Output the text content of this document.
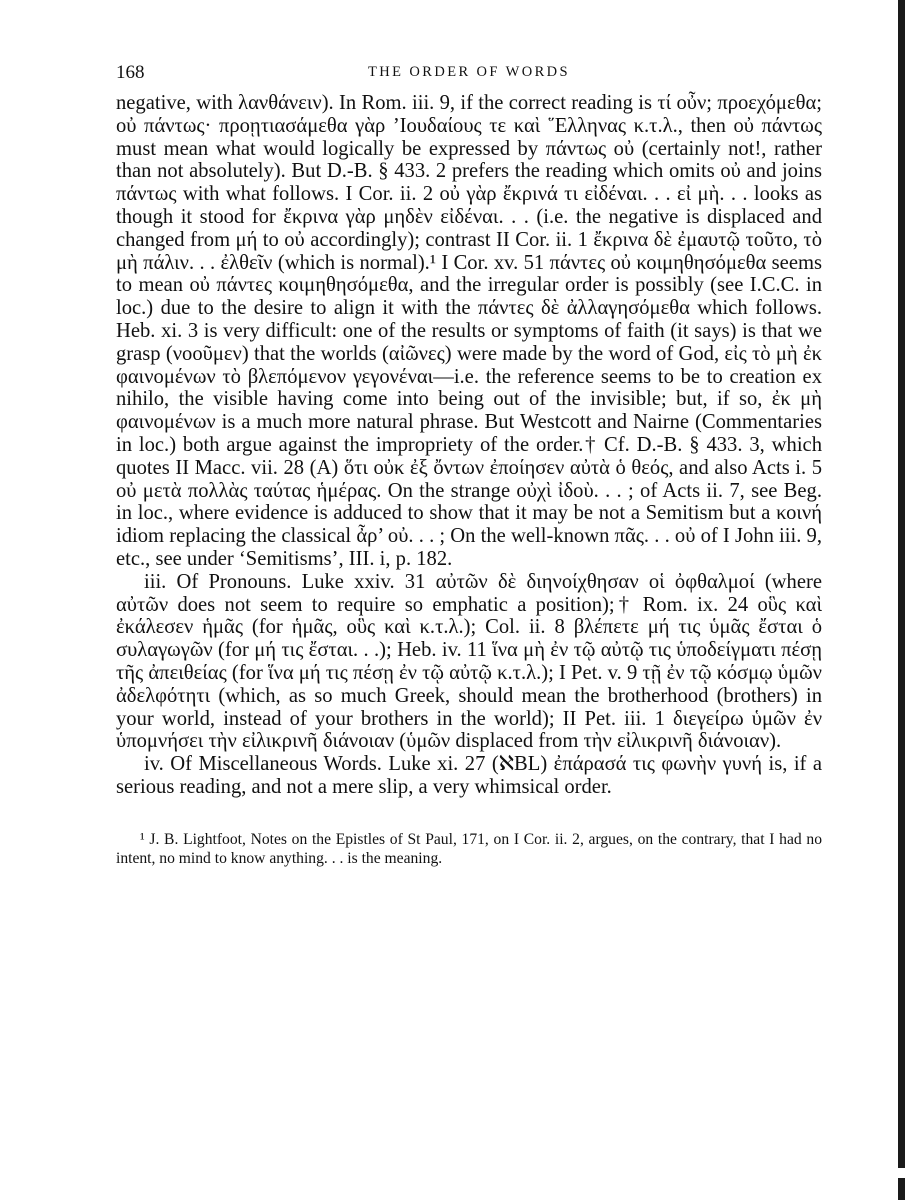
168	THE ORDER OF WORDS

negative, with λανθάνειν). In Rom. iii. 9, if the correct reading is τί οὖν; προεχόμεθα; οὐ πάντως· προῃτιασάμεθα γὰρ ’Ιουδαίους τε καὶ ῞Ελληνας κ.τ.λ., then οὐ πάντως must mean what would logically be expressed by πάντως οὐ (certainly not!, rather than not absolutely). But D.-B. § 433. 2 prefers the reading which omits οὐ and joins πάντως with what follows. I Cor. ii. 2 οὐ γὰρ ἔκρινά τι εἰδέναι. . . εἰ μὴ. . . looks as though it stood for ἔκρινα γὰρ μηδὲν εἰδέναι. . . (i.e. the negative is displaced and changed from μή to οὐ accordingly); contrast II Cor. ii. 1 ἔκρινα δὲ ἐμαυτῷ τοῦτο, τὸ μὴ πάλιν. . . ἐλθεῖν (which is normal).¹ I Cor. xv. 51 πάντες οὐ κοιμηθησόμεθα seems to mean οὐ πάντες κοιμηθησόμεθα, and the irregular order is possibly (see I.C.C. in loc.) due to the desire to align it with the πάντες δὲ ἀλλαγησόμεθα which follows. Heb. xi. 3 is very difficult: one of the results or symptoms of faith (it says) is that we grasp (νοοῦμεν) that the worlds (αἰῶνες) were made by the word of God, εἰς τὸ μὴ ἐκ φαινομένων τὸ βλεπόμενον γεγονέναι—i.e. the reference seems to be to creation ex nihilo, the visible having come into being out of the invisible; but, if so, ἐκ μὴ φαινομένων is a much more natural phrase. But Westcott and Nairne (Commentaries in loc.) both argue against the impropriety of the order.† Cf. D.-B. § 433. 3, which quotes II Macc. vii. 28 (A) ὅτι οὐκ ἐξ ὄντων ἐποίησεν αὐτὰ ὁ θεός, and also Acts i. 5 οὐ μετὰ πολλὰς ταύτας ἡμέρας. On the strange οὐχὶ ἰδοὺ. . . ; of Acts ii. 7, see Beg. in loc., where evidence is adduced to show that it may be not a Semitism but a κοινή idiom replacing the classical ἆρ’ οὐ. . . ; On the well-known πᾶς. . . οὐ of I John iii. 9, etc., see under ‘Semitisms’, III. i, p. 182.

iii. Of Pronouns. Luke xxiv. 31 αὐτῶν δὲ διηνοίχθησαν οἱ ὀφθαλμοί (where αὐτῶν does not seem to require so emphatic a position);† Rom. ix. 24 οὓς καὶ ἐκάλεσεν ἡμᾶς (for ἡμᾶς, οὓς καὶ κ.τ.λ.); Col. ii. 8 βλέπετε μή τις ὑμᾶς ἔσται ὁ συλαγωγῶν (for μή τις ἔσται. . .); Heb. iv. 11 ἵνα μὴ ἐν τῷ αὐτῷ τις ὑποδείγματι πέσῃ τῆς ἀπειθείας (for ἵνα μή τις πέσῃ ἐν τῷ αὐτῷ κ.τ.λ.); I Pet. v. 9 τῇ ἐν τῷ κόσμῳ ὑμῶν ἀδελφότητι (which, as so much Greek, should mean the brotherhood (brothers) in your world, instead of your brothers in the world); II Pet. iii. 1 διεγείρω ὑμῶν ἐν ὑπομνήσει τὴν εἰλικρινῆ διάνοιαν (ὑμῶν displaced from τὴν εἰλικρινῆ διάνοιαν).

iv. Of Miscellaneous Words. Luke xi. 27 (ℵBL) ἐπάρασά τις φωνὴν γυνή is, if a serious reading, and not a mere slip, a very whimsical order.

¹ J. B. Lightfoot, Notes on the Epistles of St Paul, 171, on I Cor. ii. 2, argues, on the contrary, that I had no intent, no mind to know anything. . . is the meaning.
